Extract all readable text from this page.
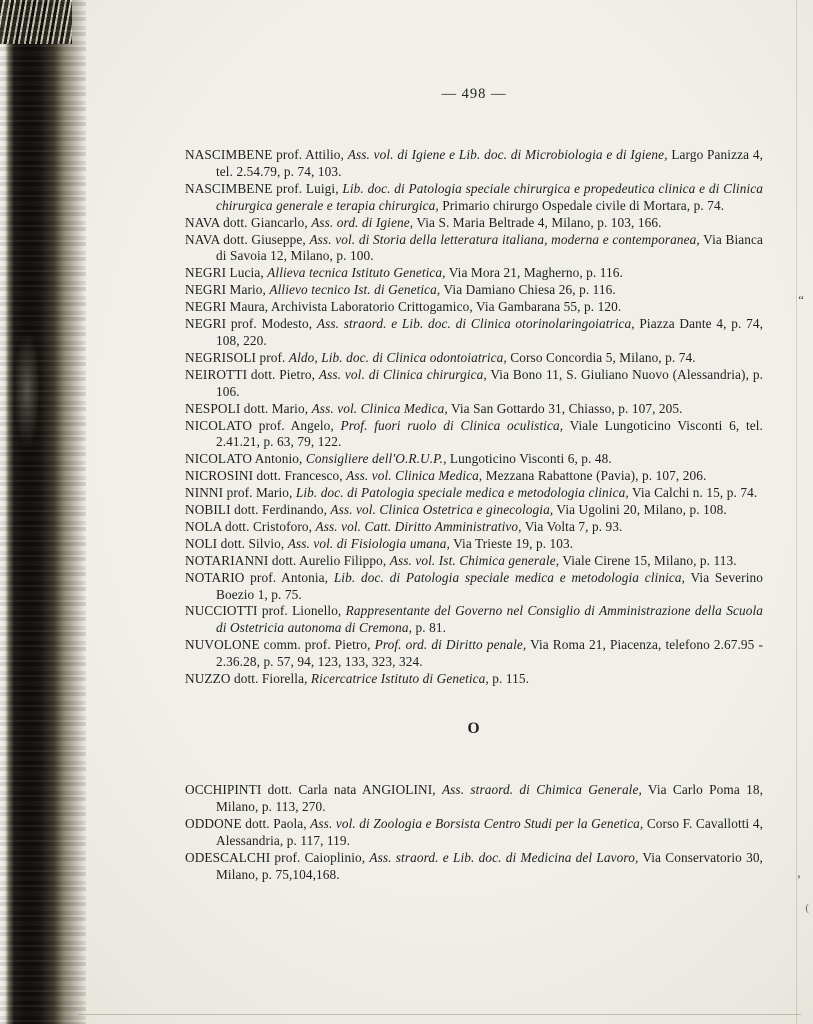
“
’
(
— 498 —
NASCIMBENE prof. Attilio, Ass. vol. di Igiene e Lib. doc. di Microbiologia e di Igiene, Largo Panizza 4, tel. 2.54.79, p. 74, 103.
NASCIMBENE prof. Luigi, Lib. doc. di Patologia speciale chirurgica e propedeutica clinica e di Clinica chirurgica generale e terapia chirurgica, Primario chirurgo Ospedale civile di Mortara, p. 74.
NAVA dott. Giancarlo, Ass. ord. di Igiene, Via S. Maria Beltrade 4, Milano, p. 103, 166.
NAVA dott. Giuseppe, Ass. vol. di Storia della letteratura italiana, moderna e contemporanea, Via Bianca di Savoia 12, Milano, p. 100.
NEGRI Lucia, Allieva tecnica Istituto Genetica, Via Mora 21, Magherno, p. 116.
NEGRI Mario, Allievo tecnico Ist. di Genetica, Via Damiano Chiesa 26, p. 116.
NEGRI Maura, Archivista Laboratorio Crittogamico, Via Gambarana 55, p. 120.
NEGRI prof. Modesto, Ass. straord. e Lib. doc. di Clinica otorinolaringoiatrica, Piazza Dante 4, p. 74, 108, 220.
NEGRISOLI prof. Aldo, Lib. doc. di Clinica odontoiatrica, Corso Concordia 5, Milano, p. 74.
NEIROTTI dott. Pietro, Ass. vol. di Clinica chirurgica, Via Bono 11, S. Giuliano Nuovo (Alessandria), p. 106.
NESPOLI dott. Mario, Ass. vol. Clinica Medica, Via San Gottardo 31, Chiasso, p. 107, 205.
NICOLATO prof. Angelo, Prof. fuori ruolo di Clinica oculistica, Viale Lungoticino Visconti 6, tel. 2.41.21, p. 63, 79, 122.
NICOLATO Antonio, Consigliere dell'O.R.U.P., Lungoticino Visconti 6, p. 48.
NICROSINI dott. Francesco, Ass. vol. Clinica Medica, Mezzana Rabattone (Pavia), p. 107, 206.
NINNI prof. Mario, Lib. doc. di Patologia speciale medica e metodologia clinica, Via Calchi n. 15, p. 74.
NOBILI dott. Ferdinando, Ass. vol. Clinica Ostetrica e ginecologia, Via Ugolini 20, Milano, p. 108.
NOLA dott. Cristoforo, Ass. vol. Catt. Diritto Amministrativo, Via Volta 7, p. 93.
NOLI dott. Silvio, Ass. vol. di Fisiologia umana, Via Trieste 19, p. 103.
NOTARIANNI dott. Aurelio Filippo, Ass. vol. Ist. Chimica generale, Viale Cirene 15, Milano, p. 113.
NOTARIO prof. Antonia, Lib. doc. di Patologia speciale medica e metodologia clinica, Via Severino Boezio 1, p. 75.
NUCCIOTTI prof. Lionello, Rappresentante del Governo nel Consiglio di Amministrazione della Scuola di Ostetricia autonoma di Cremona, p. 81.
NUVOLONE comm. prof. Pietro, Prof. ord. di Diritto penale, Via Roma 21, Piacenza, telefono 2.67.95 - 2.36.28, p. 57, 94, 123, 133, 323, 324.
NUZZO dott. Fiorella, Ricercatrice Istituto di Genetica, p. 115.
O
OCCHIPINTI dott. Carla nata ANGIOLINI, Ass. straord. di Chimica Generale, Via Carlo Poma 18, Milano, p. 113, 270.
ODDONE dott. Paola, Ass. vol. di Zoologia e Borsista Centro Studi per la Genetica, Corso F. Cavallotti 4, Alessandria, p. 117, 119.
ODESCALCHI prof. Caioplinio, Ass. straord. e Lib. doc. di Medicina del Lavoro, Via Conservatorio 30, Milano, p. 75,104,168.
